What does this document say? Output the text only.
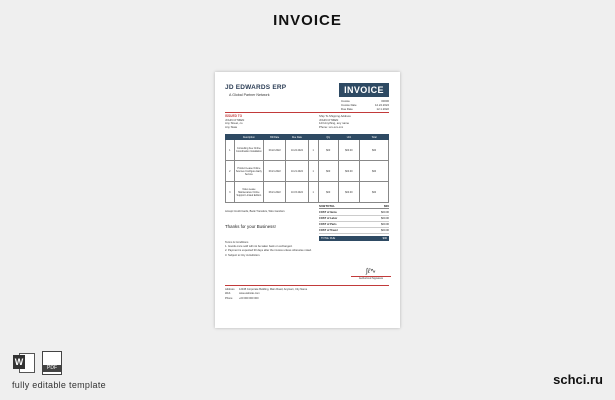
INVOICE
JD EDWARDS ERP
A Global Partner Network	INVOICE
Invoice	00000
Invoice Date	12.22.2022
Due Date	12.1.2022
ISSUED TO
JOHN CITIZEN
Any Street, co
Any State
Ship To Shipping Address
JOHN CITIZEN
123 Anything, any name
Phone: xxx-xxx-xxx
	Description	Bill Date	Due Date		Qty	Unit	Total
1	Consulting Fee Online Coordination Installation	09.22.2022	10.22.2022	1	$00	$00.00	$00
2	Product Lease Online Sources Configure Early Service	09.21.2022	10.21.2022	1	$00	$00.00	$00
3	Video Lease Maintenance Online Support Limited Edition	08.21.2022	10.15.2022	1	$00	$00.00	$00
SUBTOTAL	$00
Accept Credit Cards, Bank Transfers, Wire transfers
Thanks for your Business!
COST of Items	$00.00
COST of Labor	$00.00
COST of Parts	$00.00
COST of Travel	$00.00
TOTAL DUE	$00
Terms & Conditions
1. Goods once sold will not be taken back or exchanged.
2. Payment is expected 30 days after the invoice unless otherwise noted.
3. Subject to City Jurisdiction.
∫ℓ∿
Authorized Signature
Address 12345 Corporate Building, Main Road, Anytown, City Name
Web	www.website.com
Phone +00 000 000 000
W
PDF
fully editable template	schci.ru
